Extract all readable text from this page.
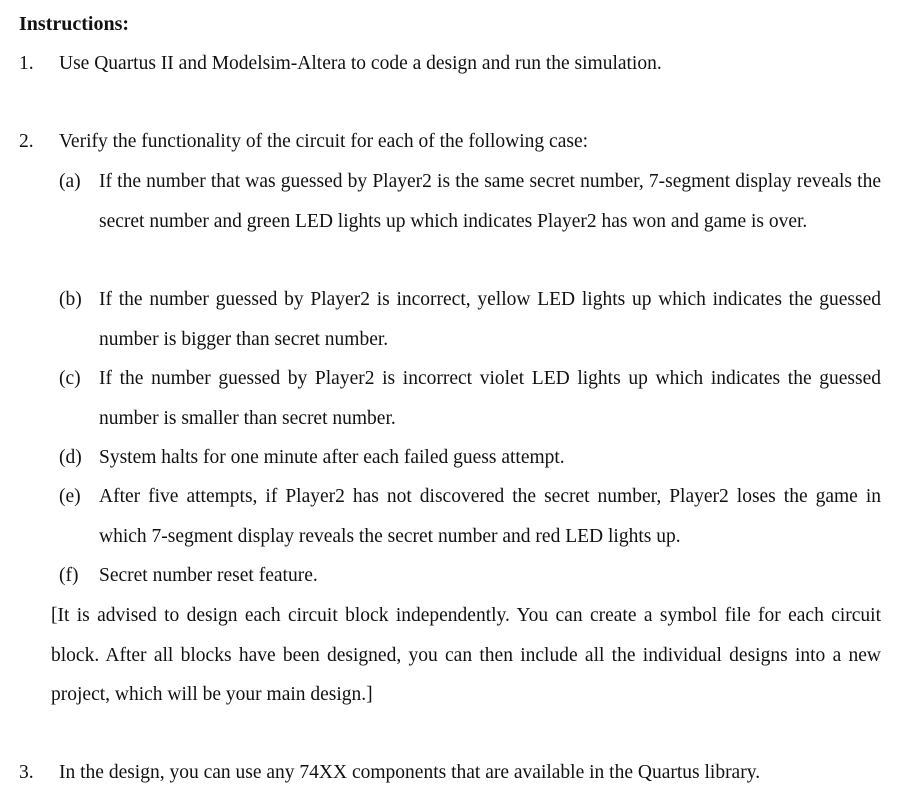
Instructions:
1.	Use Quartus II and Modelsim-Altera to code a design and run the simulation.
2.	Verify the functionality of the circuit for each of the following case:
(a) If the number that was guessed by Player2 is the same secret number, 7-segment display reveals the secret number and green LED lights up which indicates Player2 has won and game is over.
(b) If the number guessed by Player2 is incorrect, yellow LED lights up which indicates the guessed number is bigger than secret number.
(c) If the number guessed by Player2 is incorrect violet LED lights up which indicates the guessed number is smaller than secret number.
(d) System halts for one minute after each failed guess attempt.
(e) After five attempts, if Player2 has not discovered the secret number, Player2 loses the game in which 7-segment display reveals the secret number and red LED lights up.
(f)	Secret number reset feature.
[It is advised to design each circuit block independently. You can create a symbol file for each circuit block. After all blocks have been designed, you can then include all the individual designs into a new project, which will be your main design.]
3.	In the design, you can use any 74XX components that are available in the Quartus library.
